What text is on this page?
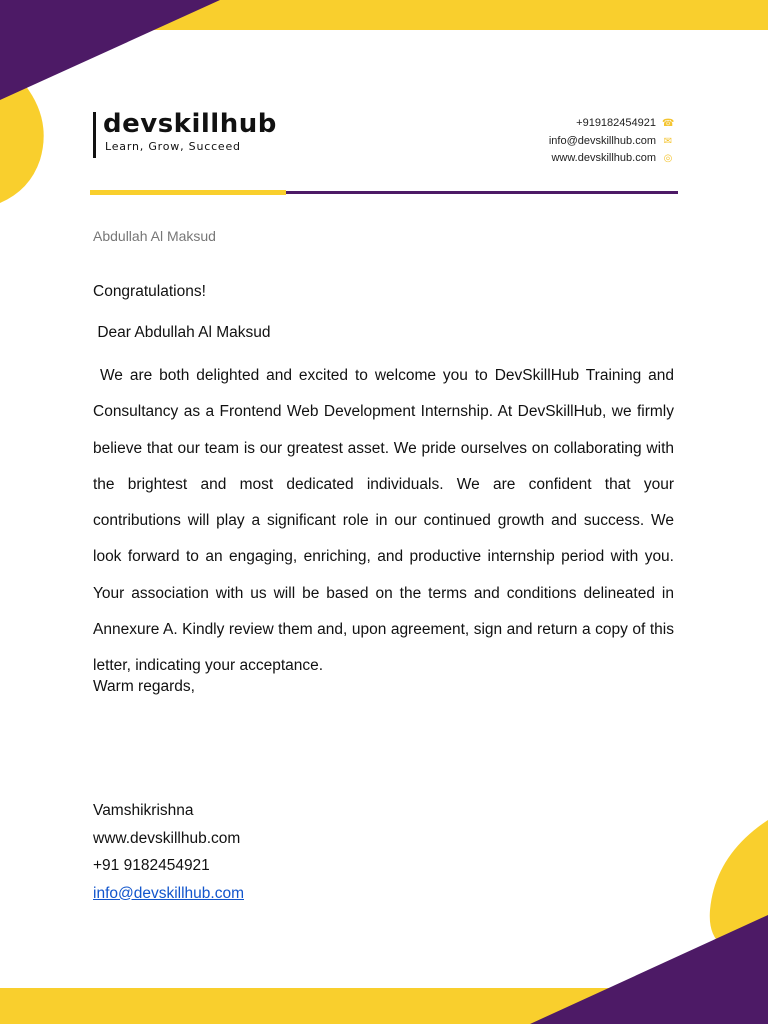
devskillhub
Learn, Grow, Succeed
+919182454921 ☎
info@devskillhub.com ✉
www.devskillhub.com ◎
Abdullah Al Maksud

Congratulations!

Dear Abdullah Al Maksud

We are both delighted and excited to welcome you to DevSkillHub Training and Consultancy as a Frontend Web Development Internship. At DevSkillHub, we firmly believe that our team is our greatest asset. We pride ourselves on collaborating with the brightest and most dedicated individuals. We are confident that your contributions will play a significant role in our continued growth and success. We look forward to an engaging, enriching, and productive internship period with you. Your association with us will be based on the terms and conditions delineated in Annexure A. Kindly review them and, upon agreement, sign and return a copy of this letter, indicating your acceptance.

Warm regards,

Vamshikrishna
www.devskillhub.com
+91 9182454921
info@devskillhub.com
